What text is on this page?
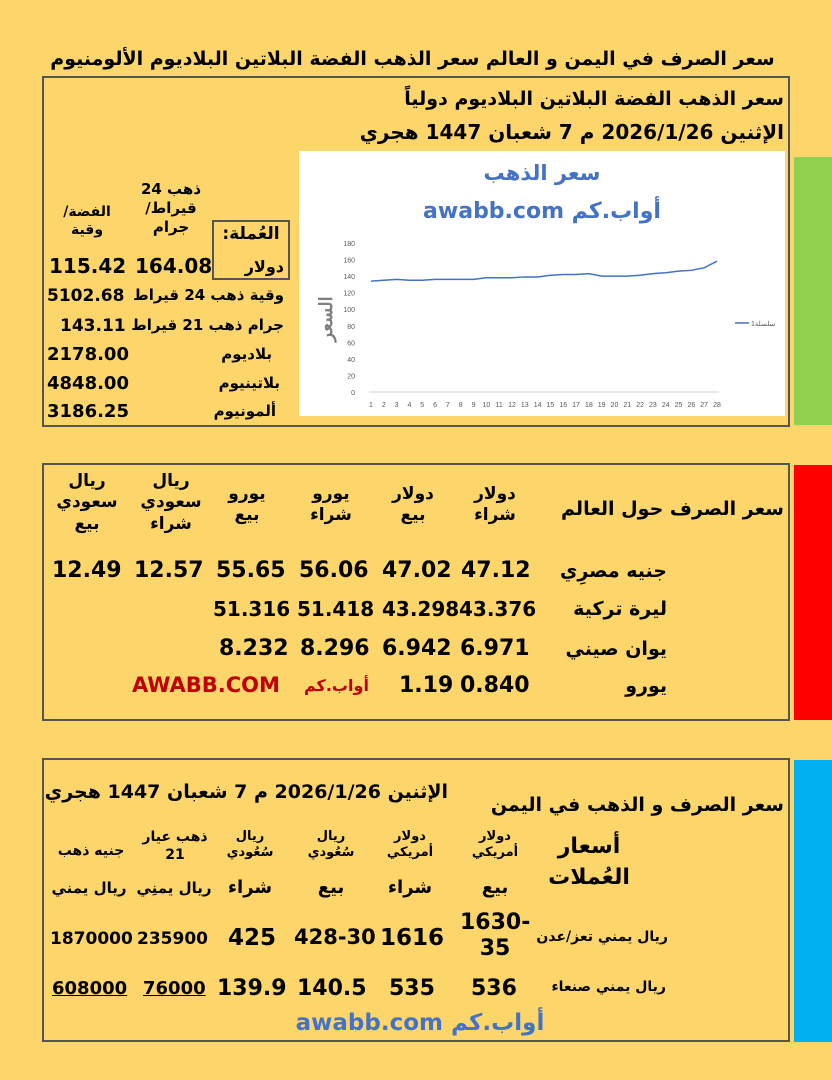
سعر الصرف في اليمن و العالم سعر الذهب الفضة البلاتين البلاديوم الألومنيوم
سعر الذهب الفضة البلاتين البلاديوم دولياً
الإثنين 2026/1/26 م 7 شعبان 1447 هجري
العُملة:
ذهب 24 قيراط/ جرام
الفضة/ وقية
دولار
164.08
115.42
وقية ذهب 24 قيراط
5102.68
جرام ذهب 21 قيراط
143.11
بلاديوم
2178.00
بلاتينيوم
4848.00
ألمونيوم
3186.25
سعر الذهب
أواب.كم awabb.com
0
20
40
60
80
100
120
140
160
180
1 2 3 4 5 6 7 8 9 10 11 12 13 14 15 16 17 18 19 20 21 22 23 24 25 26 27 28
السعر	سلسلة1
سعر الصرف حول العالم
دولار شراء
دولار بيع
يورو شراء
يورو بيع
ريال سعودي شراء
ريال سعودي بيع
جنيه مصرِي
47.12
47.02
56.06
55.65
12.57
12.49
ليرة تركية
43.376
43.298
51.418
51.316
يوان صيني
6.971
6.942
8.296
8.232
يورو
0.840
1.19
أواب.كم
AWABB.COM
سعر الصرف و الذهب في اليمن
الإثنين 2026/1/26 م 7 شعبان 1447 هجري
أسعار العُملات
دولار أمريكي
بيع
دولار أمريكي
شراء
ريال سُعُودي
بيع
ريال سُعُودي
شراء
ذهب عيار 21
ريال يمنِي
جنيه ذهب
ريال يمني
ريال يمني تعز/عدن
1630-35
1616
428-30
425
235900
1870000
ريال يمني صنعاء
536
535
140.5
139.9
76000
608000
أواب.كم awabb.com
